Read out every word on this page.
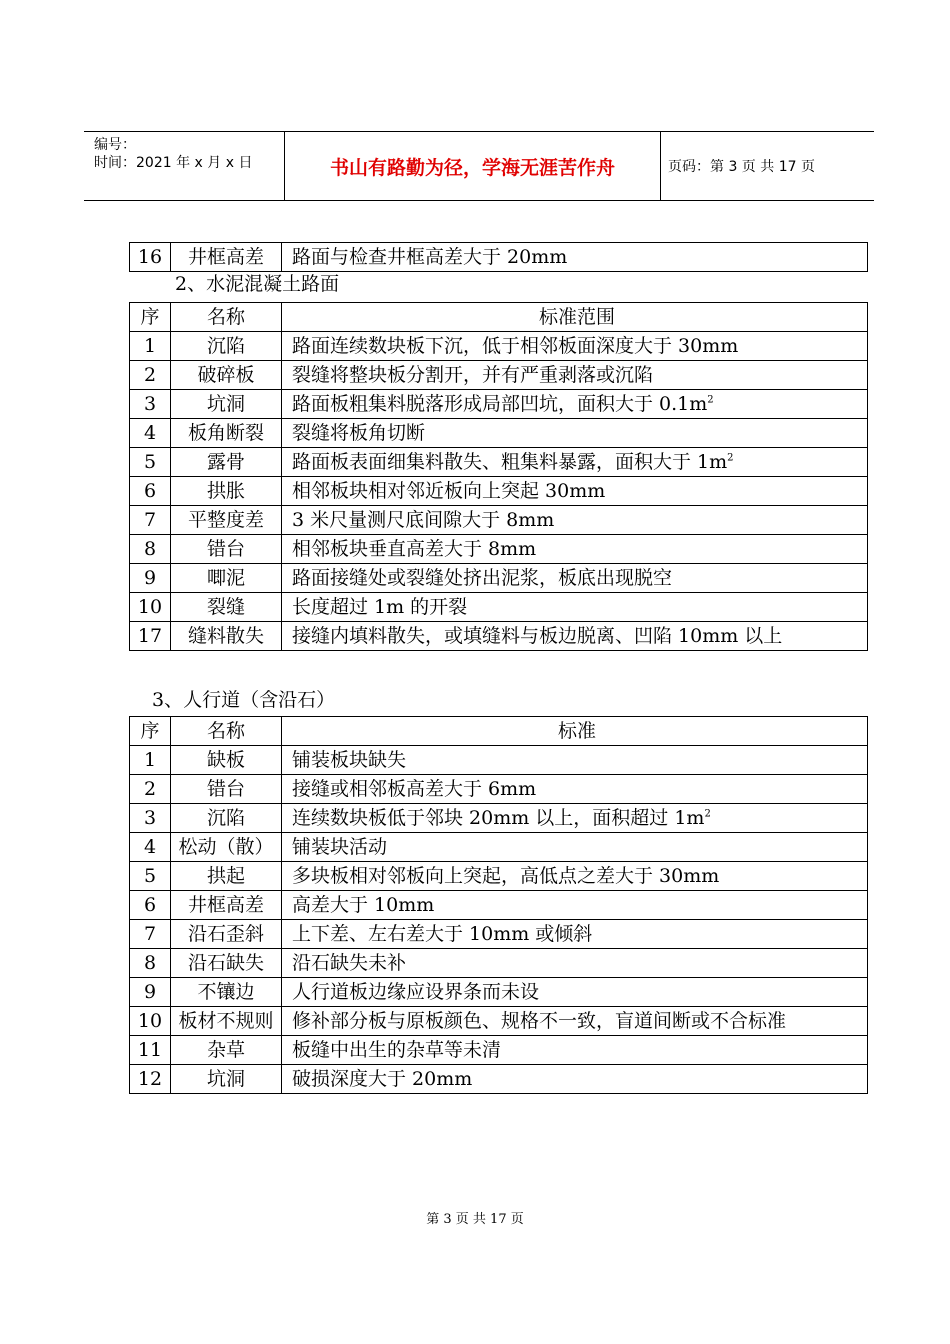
编号：
时间：2021 年 x 月 x 日	书山有路勤为径，学海无涯苦作舟	页码：第 3 页 共 17 页
16	井框高差	路面与检查井框高差大于 20mm
2、水泥混凝土路面
序	名称	标准范围
1	沉陷	路面连续数块板下沉，低于相邻板面深度大于 30mm
2	破碎板	裂缝将整块板分割开，并有严重剥落或沉陷
3	坑洞	路面板粗集料脱落形成局部凹坑，面积大于 $0.1m^2$
4	板角断裂	裂缝将板角切断
5	露骨	路面板表面细集料散失、粗集料暴露，面积大于 $1m^2$
6	拱胀	相邻板块相对邻近板向上突起 30mm
7	平整度差	3 米尺量测尺底间隙大于 8mm
8	错台	相邻板块垂直高差大于 8mm
9	唧泥	路面接缝处或裂缝处挤出泥浆，板底出现脱空
10	裂缝	长度超过 1m 的开裂
17	缝料散失	接缝内填料散失，或填缝料与板边脱离、凹陷 10mm 以上
3、人行道（含沿石）
序	名称	标准
1	缺板	铺装板块缺失
2	错台	接缝或相邻板高差大于 6mm
3	沉陷	连续数块板低于邻块 20mm 以上，面积超过 $1m^2$
4	松动（散）	铺装块活动
5	拱起	多块板相对邻板向上突起，高低点之差大于 30mm
6	井框高差	高差大于 10mm
7	沿石歪斜	上下差、左右差大于 10mm 或倾斜
8	沿石缺失	沿石缺失未补
9	不镶边	人行道板边缘应设界条而未设
10	板材不规则	修补部分板与原板颜色、规格不一致，盲道间断或不合标准
11	杂草	板缝中出生的杂草等未清
12	坑洞	破损深度大于 20mm
第 3 页 共 17 页
